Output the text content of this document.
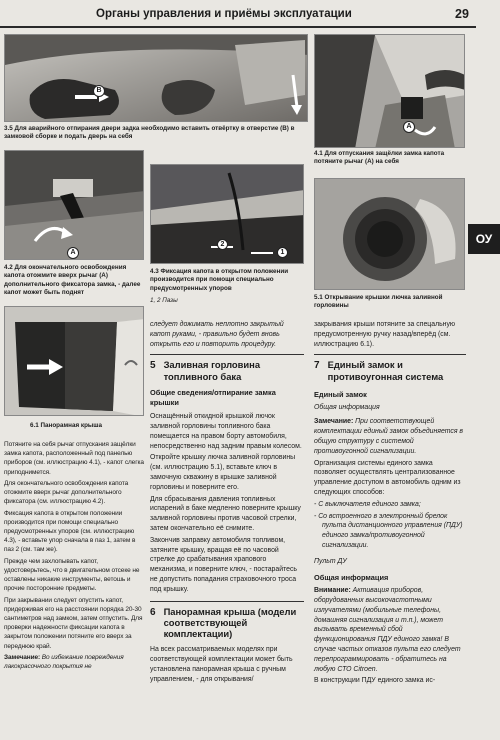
Органы управления и приёмы эксплуатации	29
B
3.5 Для аварийного отпирания двери задка необходимо вставить отвёртку в отверстие (B) в замковой сборке и подать дверь на себя
A
4.1 Для отпускания защёлки замка капота потяните рычаг (A) на себя
A
4.2 Для окончательного освобождения капота отожмите вверх рычаг (A) дополнительного фиксатора замка, - далее капот может быть поднят
2
1
4.3 Фиксация капота в открытом положении производится при помощи специально предусмотренных упоров
1, 2 Пазы	5.1 Открывание крышки лючка заливной горловины
ОУ
6.1 Панорамная крыша

Потяните на себя рычаг отпускания защёлки замка капота, расположенный под панелью приборов (см. иллюстрацию 4.1), - капот слегка приподнимется.

Для окончательного освобождения капота отожмите вверх рычаг дополнительного фиксатора (см. иллюстрацию 4.2).

Фиксация капота в открытом положении производится при помощи специально предусмотренных упоров (см. иллюстрацию 4.3), - вставьте упор сначала в паз 1, затем в паз 2 (см. там же).

Прежде чем захлопывать капот, удостоверьтесь, что в двигательном отсеке не оставлены никакие инструменты, ветошь и прочие посторонние предметы.

При закрывании следует опустить капот, придерживая его на расстоянии порядка 20-30 сантиметров над замком, затем отпустить. Для проверки надежности фиксации капота в закрытом положении потяните его вверх за переднюю край.

Замечание: Во избежание повреждения лакокрасочного покрытия не

следует дожимать неплотно закрытый капот руками, - правильно будет вновь открыть его и повторить процедуру.

5 Заливная горловина топливного бака

Общие сведения/отпирание замка крышки

Оснащённый откидной крышкой лючок заливной горловины топливного бака помещается на правом борту автомобиля, непосредственно над задним правым колесом.

Откройте крышку лючка заливной горловины (см. иллюстрацию 5.1), вставьте ключ в замочную скважину в крышке заливной горловины и поверните его.

Для сбрасывания давления топливных испарений в баке медленно поверните крышку заливной горловины против часовой стрелки, затем окончательно её снимите.

Закончив заправку автомобиля топливом, затяните крышку, вращая её по часовой стрелке до срабатывания храпового механизма, и поверните ключ, - постарайтесь не допустить попадания страховочного троса под крышку.

6 Панорамная крыша (модели соответствующей комплектации)

На всех рассматриваемых моделях при соответствующей комплектации может быть установлена панорамная крыша с ручным управлением, - для открывания/

закрывания крыши потяните за спецальную предусмотренную ручку назад/вперёд (см. иллюстрацию 6.1).

7 Единый замок и противоугонная система

Единый замок

Общая информация

Замечание: При соответствующей комплектации единый замок объединяется в общую структуру с системой противоугонной сигнализации.

Организация системы единого замка позволяет осуществлять централизованное управление доступом в автомобиль одним из следующих способов:

- С выключателя единого замка;

- Со встроенного в электронный брелок пульта дистанционного управления (ПДУ) единого замка/противоугонной сигнализации.

Пульт ДУ

Общая информация

Внимание: Активация приборов, оборудованных высокочастотными излучателями (мобильные телефоны, домашняя сигнализация и т.п.), может вызывать временный сбой функционирования ПДУ единого замка! В случае частых отказов пульта его следует перепрограммировать - обратитесь на любую СТО Citroen.

В конструкции ПДУ единого замка ис-
